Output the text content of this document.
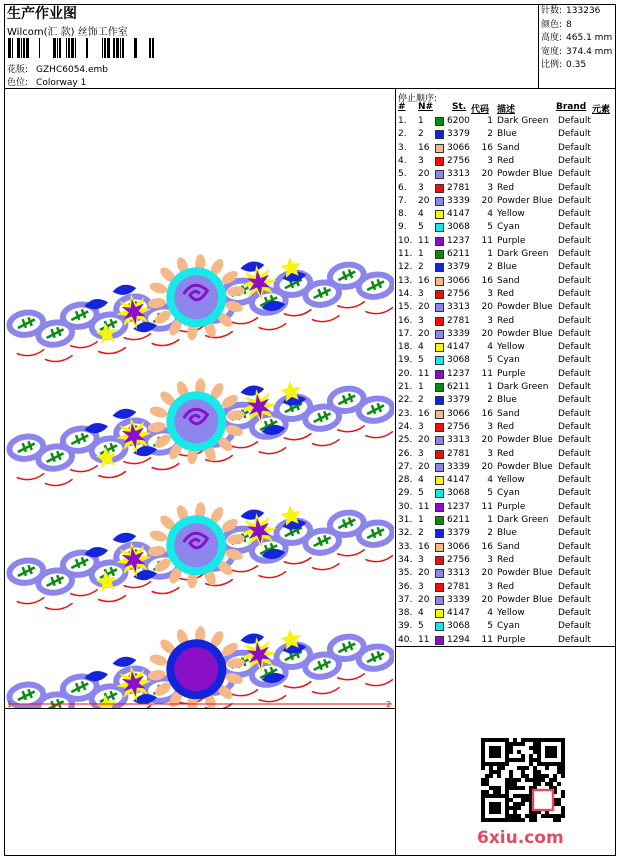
生产作业图
Wilcom(汇 款) 丝饰工作室
花版: GZHC6054.emb
色位: Colorway 1
针数: 133236
颜色: 8
高度: 465.1 mm
宽度: 374.4 mm
比例: 0.35
停止顺序:
# N# St. 代码 描述	Brand 元素
1. 1	6200	1 Dark Green Default
2. 2	3379	2 Blue	Default
3. 16 3066	16 Sand	Default
4. 3	2756	3 Red	Default
5. 20 3313	20 Powder Blue Default
6. 3	2781	3 Red	Default
7. 20 3339	20 Powder Blue Default
8. 4	4147	4 Yellow	Default
9. 5	3068	5 Cyan	Default
10. 11 1237	11 Purple	Default
11. 1	6211	1 Dark Green Default
12. 2	3379	2 Blue	Default
13. 16 3066	16 Sand	Default
14. 3	2756	3 Red	Default
15. 20 3313	20 Powder Blue Default
16. 3	2781	3 Red	Default
17. 20 3339	20 Powder Blue Default
18. 4	4147	4 Yellow	Default
19. 5	3068	5 Cyan	Default
20. 11 1237	11 Purple	Default
21. 1	6211	1 Dark Green Default
22. 2	3379	2 Blue	Default
23. 16 3066	16 Sand	Default
24. 3	2756	3 Red	Default
25. 20 3313	20 Powder Blue Default
26. 3	2781	3 Red	Default
27. 20 3339	20 Powder Blue Default
28. 4	4147	4 Yellow	Default
29. 5	3068	5 Cyan	Default
30. 11 1237	11 Purple	Default
31. 1	6211	1 Dark Green Default
32. 2	3379	2 Blue	Default
33. 16 3066	16 Sand	Default
34. 3	2756	3 Red	Default
35. 20 3313	20 Powder Blue Default
36. 3	2781	3 Red	Default
37. 20 3339	20 Powder Blue Default
38. 4	4147	4 Yellow	Default
39. 5	3068	5 Cyan	Default
40. 11 1294	11 Purple	Default
1	2
6xiu.com
